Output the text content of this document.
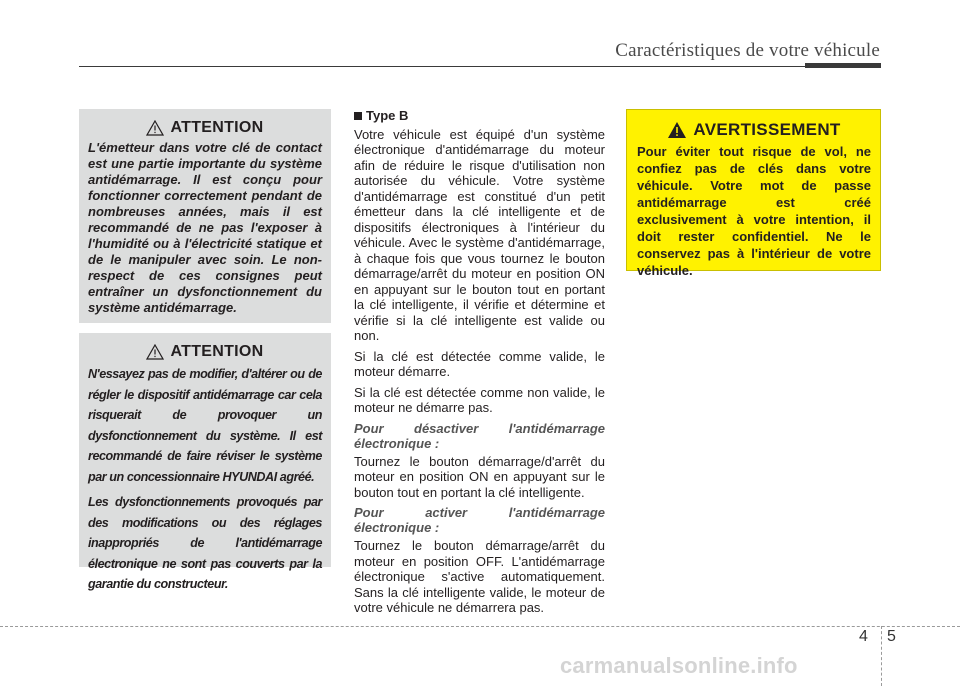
Caractéristiques de votre véhicule
ATTENTION

L'émetteur dans votre clé de contact est une partie importante du système antidémarrage. Il est conçu pour fonctionner correctement pendant de nombreuses années, mais il est recommandé de ne pas l'exposer à l'humidité ou à l'électricité statique et de le manipuler avec soin. Le non-respect de ces consignes peut entraîner un dysfonctionnement du système antidémarrage.

ATTENTION

N'essayez pas de modifier, d'altérer ou de régler le dispositif antidémarrage car cela risquerait de provoquer un dysfonctionnement du système. Il est recommandé de faire réviser le système par un concessionnaire HYUNDAI agréé.

Les dysfonctionnements provoqués par des modifications ou des réglages inappropriés de l'antidémarrage électronique ne sont pas couverts par la garantie du constructeur.

Type B

Votre véhicule est équipé d'un système électronique d'antidémarrage du moteur afin de réduire le risque d'utilisation non autorisée du véhicule. Votre système d'antidémarrage est constitué d'un petit émetteur dans la clé intelligente et de dispositifs électroniques à l'intérieur du véhicule. Avec le système d'antidémarrage, à chaque fois que vous tournez le bouton démarrage/arrêt du moteur en position ON en appuyant sur le bouton tout en portant la clé intelligente, il vérifie et détermine et vérifie si la clé intelligente est valide ou non.

Si la clé est détectée comme valide, le moteur démarre.

Si la clé est détectée comme non valide, le moteur ne démarre pas.

Pour désactiver l'antidémarrage électronique :

Tournez le bouton démarrage/d'arrêt du moteur en position ON en appuyant sur le bouton tout en portant la clé intelligente.

Pour activer l'antidémarrage électronique :

Tournez le bouton démarrage/arrêt du moteur en position OFF. L'antidémarrage électronique s'active automatiquement. Sans la clé intelligente valide, le moteur de votre véhicule ne démarrera pas.

AVERTISSEMENT

Pour éviter tout risque de vol, ne confiez pas de clés dans votre véhicule. Votre mot de passe antidémarrage est créé exclusivement à votre intention, il doit rester confidentiel. Ne le conservez pas à l'intérieur de votre véhicule.

4 5
carmanualsonline.info
